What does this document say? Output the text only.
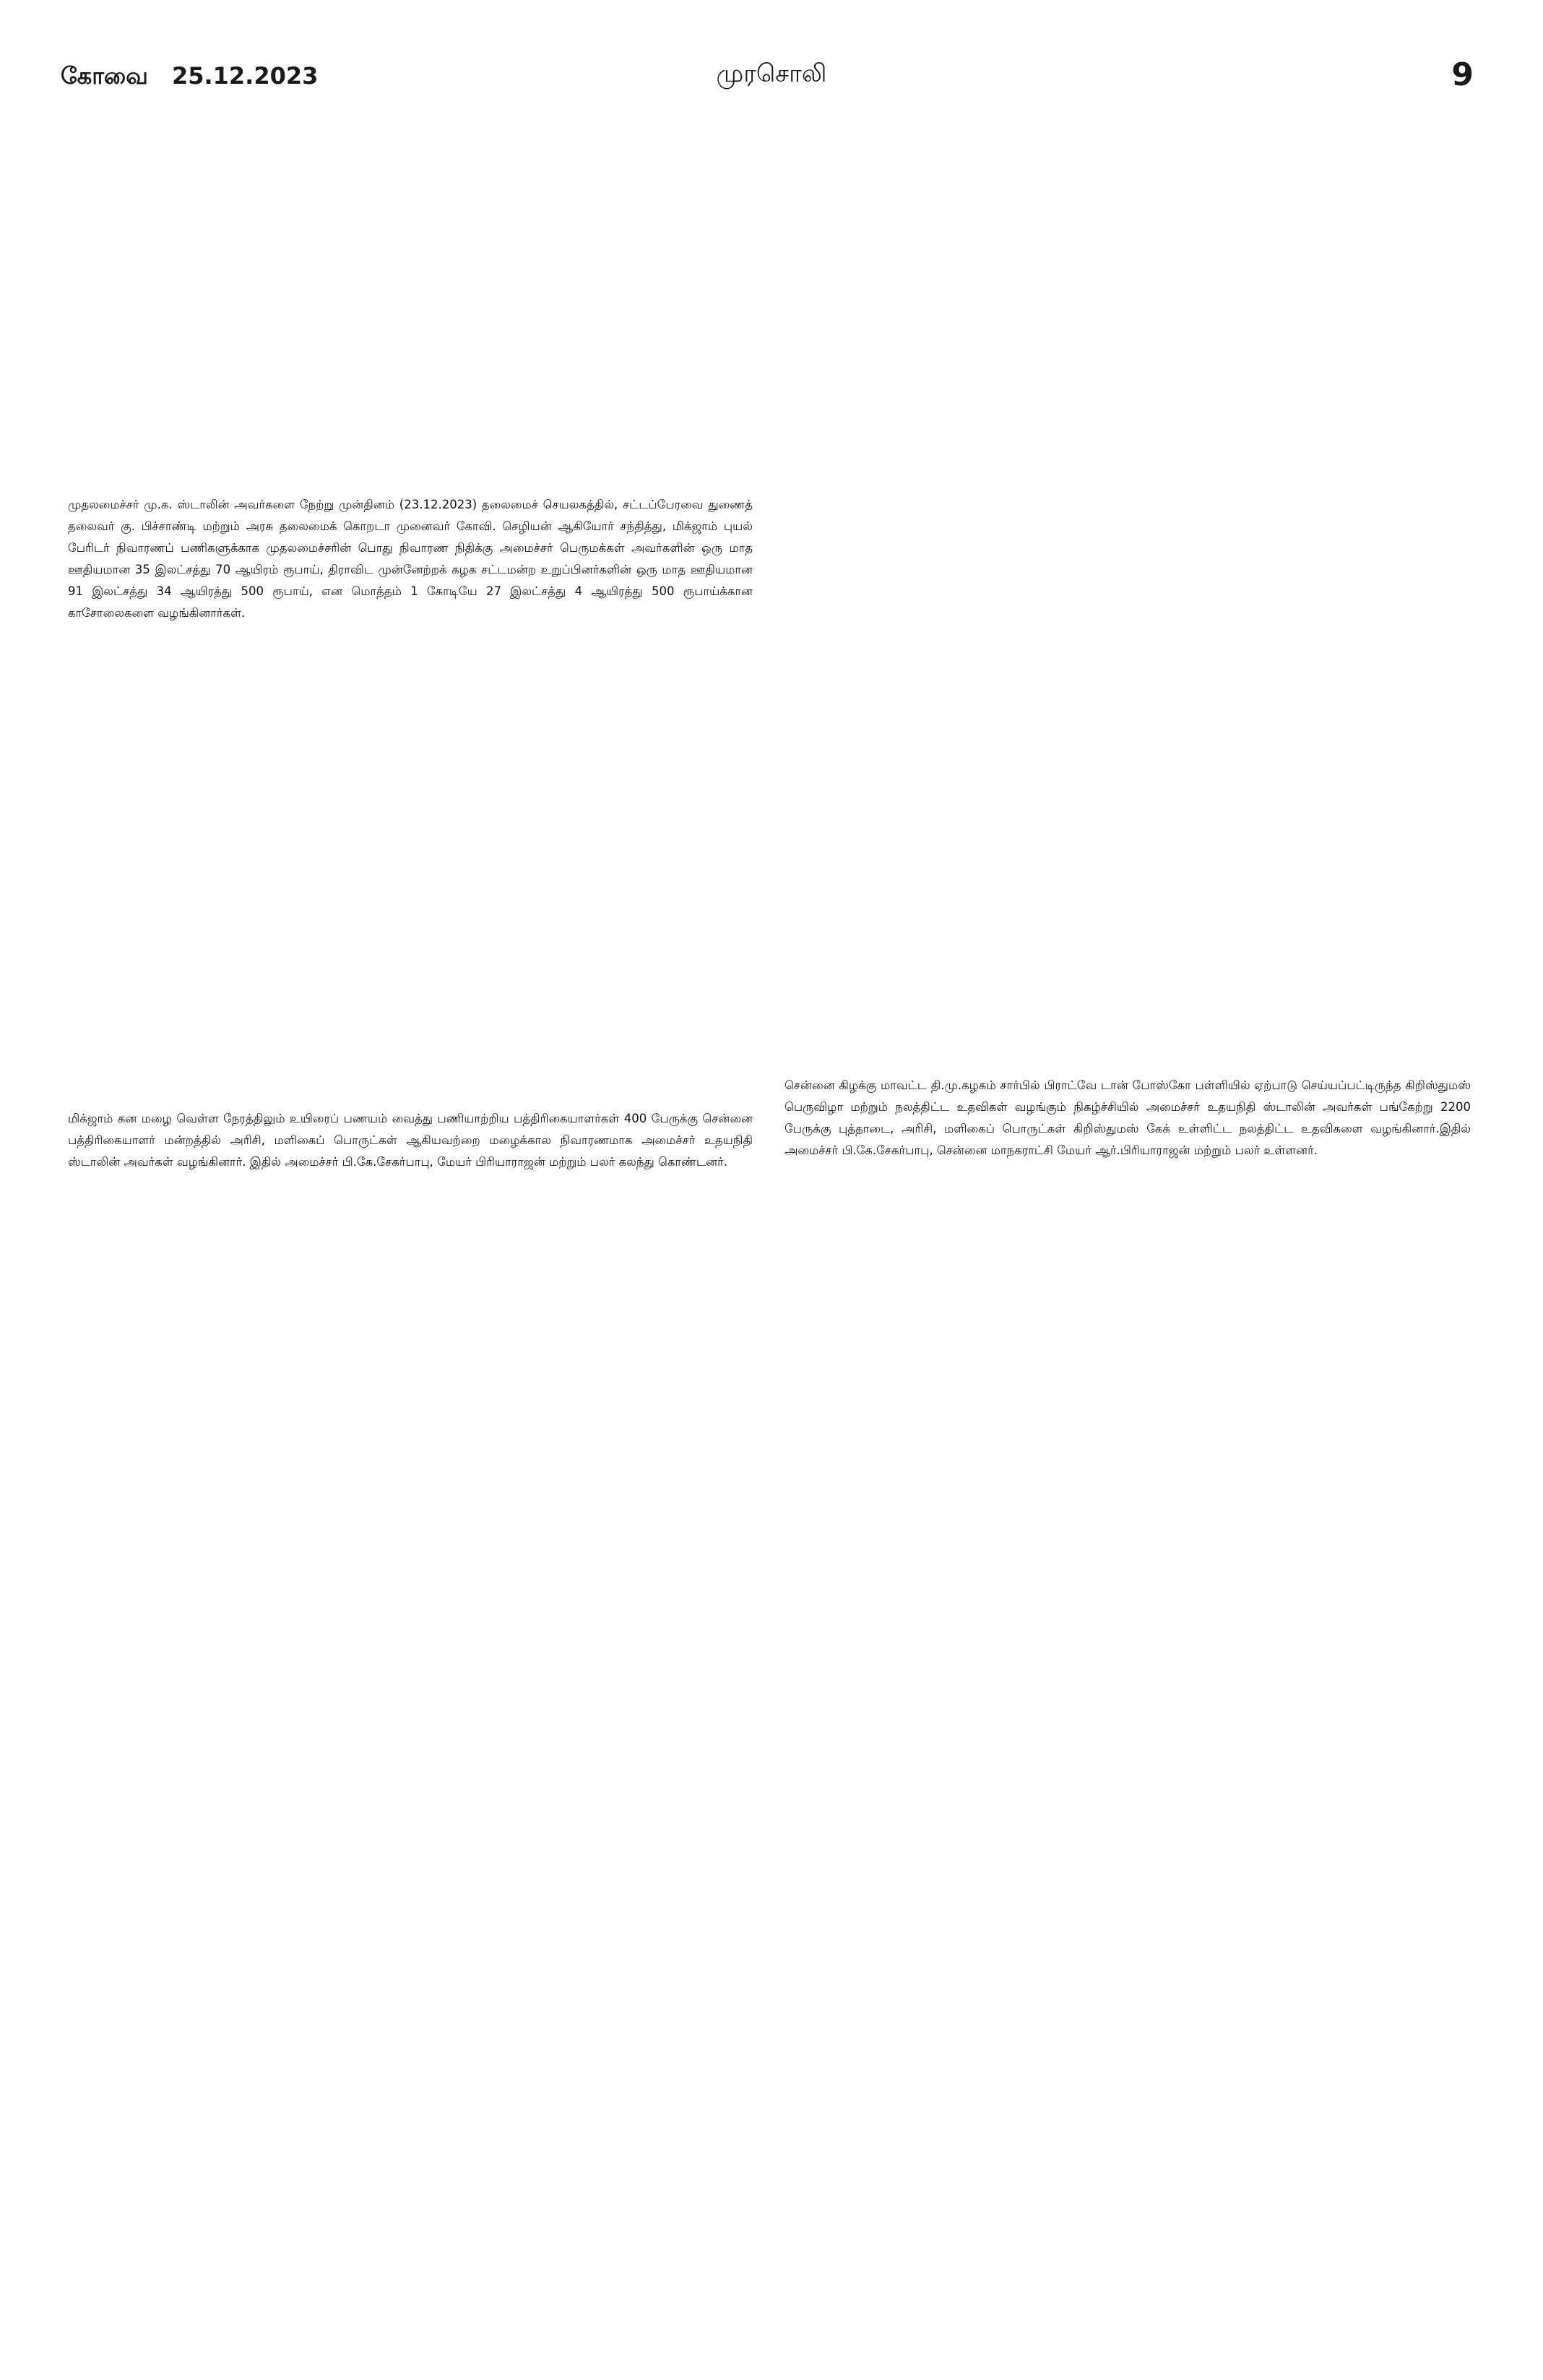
கோவை 25.12.2023	முரசொலி	9
முதலமைச்சர் மு.க. ஸ்டாலின் அவர்களை நேற்று முன்தினம் (23.12.2023) தலைமைச் செயலகத்தில், சட்டப்பேரவை துணைத் தலைவர் கு. பிச்சாண்டி மற்றும் அரசு தலைமைக் கொறடா முனைவர் கோவி. செழியன் ஆகியோர் சந்தித்து, மிக்ஜாம் புயல் பேரிடர் நிவாரணப் பணிகளுக்காக முதலமைச்சரின் பொது நிவாரண நிதிக்கு அமைச்சர் பெருமக்கள் அவர்களின் ஒரு மாத ஊதியமான 35 இலட்சத்து 70 ஆயிரம் ரூபாய், திராவிட முன்னேற்றக் கழக சட்டமன்ற உறுப்பினர்களின் ஒரு மாத ஊதியமான 91 இலட்சத்து 34 ஆயிரத்து 500 ரூபாய், என மொத்தம் 1 கோடியே 27 இலட்சத்து 4 ஆயிரத்து 500 ரூபாய்க்கான காசோலைகளை வழங்கினார்கள்.
மிக்ஜாம் கன மழை வெள்ள நேரத்திலும் உயிரைப் பணயம் வைத்து பணியாற்றிய பத்திரிகையாளர்கள் 400 பேருக்கு சென்னை பத்திரிகையாளர் மன்றத்தில் அரிசி, மளிகைப் பொருட்கள் ஆகியவற்றை மழைக்கால நிவாரணமாக அமைச்சர் உதயநிதி ஸ்டாலின் அவர்கள் வழங்கினார். இதில் அமைச்சர் பி.கே.சேகர்பாபு, மேயர் பிரியாராஜன் மற்றும் பலர் கலந்து கொண்டனர்.
சென்னை கிழக்கு மாவட்ட தி.மு.கழகம் சார்பில் பிராட்வே டான் போஸ்கோ பள்ளியில் ஏற்பாடு செய்யப்பட்டிருந்த கிறிஸ்துமஸ் பெருவிழா மற்றும் நலத்திட்ட உதவிகள் வழங்கும் நிகழ்ச்சியில் அமைச்சர் உதயநிதி ஸ்டாலின் அவர்கள் பங்கேற்று 2200 பேருக்கு புத்தாடை, அரிசி, மளிகைப் பொருட்கள் கிறிஸ்துமஸ் கேக் உள்ளிட்ட நலத்திட்ட உதவிகளை வழங்கினார்.இதில் அமைச்சர் பி.கே.சேகர்பாபு, சென்னை மாநகராட்சி மேயர் ஆர்.பிரியாராஜன் மற்றும் பலர் உள்ளனர்.
